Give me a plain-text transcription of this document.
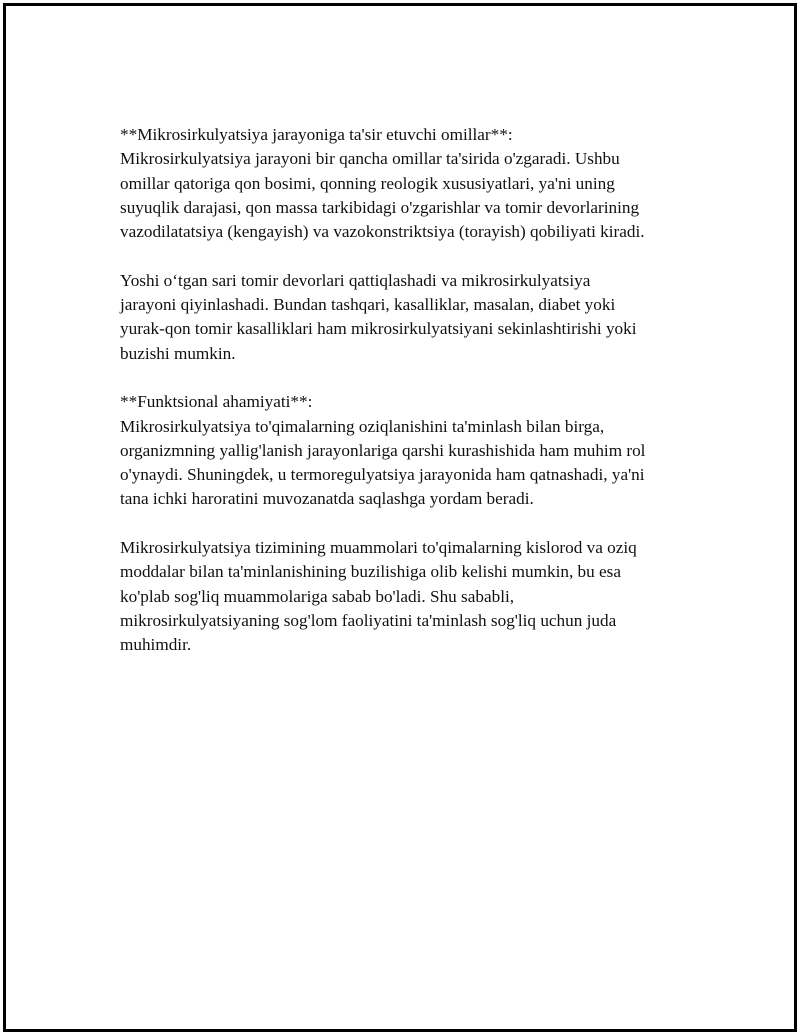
**Mikrosirkulyatsiya jarayoniga ta'sir etuvchi omillar**:
Mikrosirkulyatsiya jarayoni bir qancha omillar ta'sirida o'zgaradi. Ushbu
omillar qatoriga qon bosimi, qonning reologik xususiyatlari, ya'ni uning
suyuqlik darajasi, qon massa tarkibidagi o'zgarishlar va tomir devorlarining
vazodilatatsiya (kengayish) va vazokonstriktsiya (torayish) qobiliyati kiradi.

Yoshi o‘tgan sari tomir devorlari qattiqlashadi va mikrosirkulyatsiya
jarayoni qiyinlashadi. Bundan tashqari, kasalliklar, masalan, diabet yoki
yurak-qon tomir kasalliklari ham mikrosirkulyatsiyani sekinlashtirishi yoki
buzishi mumkin.

**Funktsional ahamiyati**:
Mikrosirkulyatsiya to'qimalarning oziqlanishini ta'minlash bilan birga,
organizmning yallig'lanish jarayonlariga qarshi kurashishida ham muhim rol
o'ynaydi. Shuningdek, u termoregulyatsiya jarayonida ham qatnashadi, ya'ni
tana ichki haroratini muvozanatda saqlashga yordam beradi.

Mikrosirkulyatsiya tizimining muammolari to'qimalarning kislorod va oziq
moddalar bilan ta'minlanishining buzilishiga olib kelishi mumkin, bu esa
ko'plab sog'liq muammolariga sabab bo'ladi. Shu sababli,
mikrosirkulyatsiyaning sog'lom faoliyatini ta'minlash sog'liq uchun juda
muhimdir.
